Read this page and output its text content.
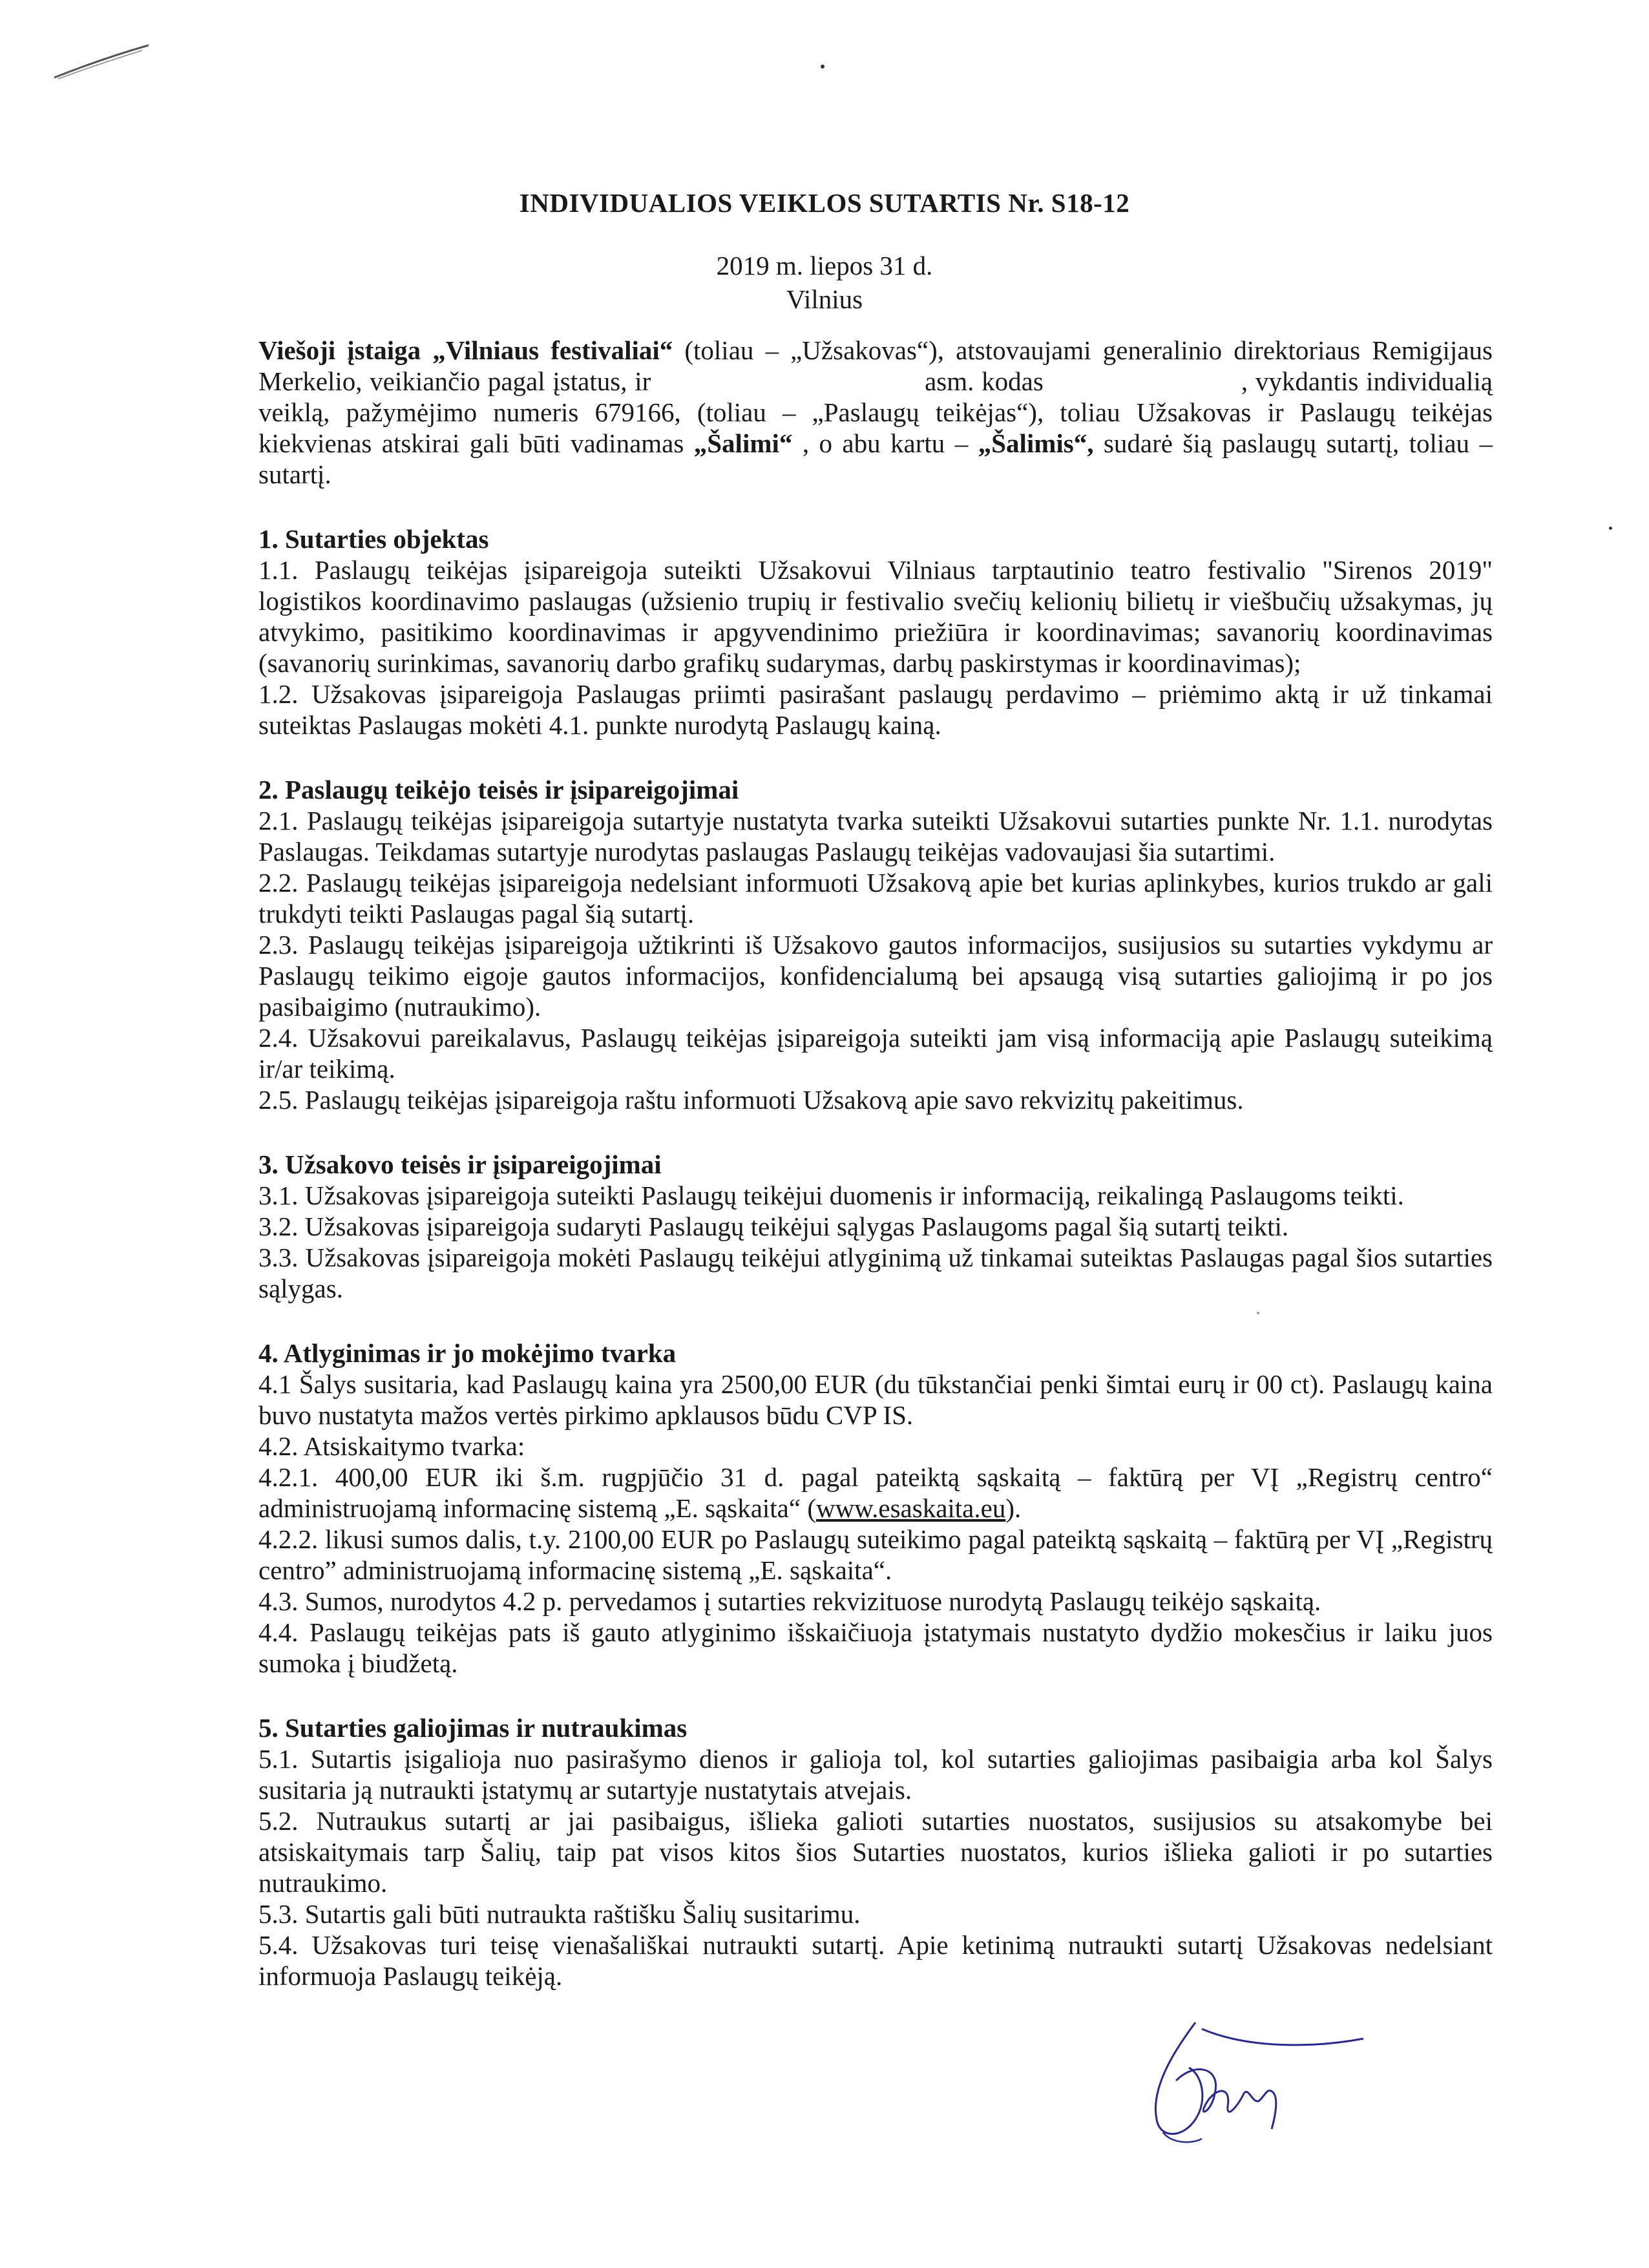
INDIVIDUALIOS VEIKLOS SUTARTIS Nr. S18-12
2019 m. liepos 31 d.
Vilnius

Viešoji įstaiga „Vilniaus festivaliai“ (toliau – „Užsakovas“), atstovaujami generalinio direktoriaus Remigijaus Merkelio, veikiančio pagal įstatus, ir                                    asm. kodas                          , vykdantis individualią veiklą, pažymėjimo numeris 679166, (toliau – „Paslaugų teikėjas“), toliau Užsakovas ir Paslaugų teikėjas kiekvienas atskirai gali būti vadinamas „Šalimi“ , o abu kartu – „Šalimis“, sudarė šią paslaugų sutartį, toliau – sutartį.

1. Sutarties objektas

1.1. Paslaugų teikėjas įsipareigoja suteikti Užsakovui Vilniaus tarptautinio teatro festivalio "Sirenos 2019" logistikos koordinavimo paslaugas (užsienio trupių ir festivalio svečių kelionių bilietų ir viešbučių užsakymas, jų atvykimo, pasitikimo koordinavimas ir apgyvendinimo priežiūra ir koordinavimas; savanorių koordinavimas (savanorių surinkimas, savanorių darbo grafikų sudarymas, darbų paskirstymas ir koordinavimas);

1.2. Užsakovas įsipareigoja Paslaugas priimti pasirašant paslaugų perdavimo – priėmimo aktą ir už tinkamai suteiktas Paslaugas mokėti 4.1. punkte nurodytą Paslaugų kainą.

2. Paslaugų teikėjo teisės ir įsipareigojimai

2.1. Paslaugų teikėjas įsipareigoja sutartyje nustatyta tvarka suteikti Užsakovui sutarties punkte Nr. 1.1. nurodytas Paslaugas. Teikdamas sutartyje nurodytas paslaugas Paslaugų teikėjas vadovaujasi šia sutartimi.

2.2. Paslaugų teikėjas įsipareigoja nedelsiant informuoti Užsakovą apie bet kurias aplinkybes, kurios trukdo ar gali trukdyti teikti Paslaugas pagal šią sutartį.

2.3. Paslaugų teikėjas įsipareigoja užtikrinti iš Užsakovo gautos informacijos, susijusios su sutarties vykdymu ar Paslaugų teikimo eigoje gautos informacijos, konfidencialumą bei apsaugą visą sutarties galiojimą ir po jos pasibaigimo (nutraukimo).

2.4. Užsakovui pareikalavus, Paslaugų teikėjas įsipareigoja suteikti jam visą informaciją apie Paslaugų suteikimą ir/ar teikimą.

2.5. Paslaugų teikėjas įsipareigoja raštu informuoti Užsakovą apie savo rekvizitų pakeitimus.

3. Užsakovo teisės ir įsipareigojimai

3.1. Užsakovas įsipareigoja suteikti Paslaugų teikėjui duomenis ir informaciją, reikalingą Paslaugoms teikti.

3.2. Užsakovas įsipareigoja sudaryti Paslaugų teikėjui sąlygas Paslaugoms pagal šią sutartį teikti.

3.3. Užsakovas įsipareigoja mokėti Paslaugų teikėjui atlyginimą už tinkamai suteiktas Paslaugas pagal šios sutarties sąlygas.

4. Atlyginimas ir jo mokėjimo tvarka

4.1 Šalys susitaria, kad Paslaugų kaina yra 2500,00 EUR (du tūkstančiai penki šimtai eurų ir 00 ct). Paslaugų kaina buvo nustatyta mažos vertės pirkimo apklausos būdu CVP IS.

4.2. Atsiskaitymo tvarka:

4.2.1. 400,00 EUR iki š.m. rugpjūčio 31 d. pagal pateiktą sąskaitą – faktūrą per VĮ „Registrų centro“ administruojamą informacinę sistemą „E. sąskaita“ (www.esaskaita.eu).

4.2.2. likusi sumos dalis, t.y. 2100,00 EUR po Paslaugų suteikimo pagal pateiktą sąskaitą – faktūrą per VĮ „Registrų centro” administruojamą informacinę sistemą „E. sąskaita“.

4.3. Sumos, nurodytos 4.2 p. pervedamos į sutarties rekvizituose nurodytą Paslaugų teikėjo sąskaitą.

4.4. Paslaugų teikėjas pats iš gauto atlyginimo išskaičiuoja įstatymais nustatyto dydžio mokesčius ir laiku juos sumoka į biudžetą.

5. Sutarties galiojimas ir nutraukimas

5.1. Sutartis įsigalioja nuo pasirašymo dienos ir galioja tol, kol sutarties galiojimas pasibaigia arba kol Šalys susitaria ją nutraukti įstatymų ar sutartyje nustatytais atvejais.

5.2. Nutraukus sutartį ar jai pasibaigus, išlieka galioti sutarties nuostatos, susijusios su atsakomybe bei atsiskaitymais tarp Šalių, taip pat visos kitos šios Sutarties nuostatos, kurios išlieka galioti ir po sutarties nutraukimo.

5.3. Sutartis gali būti nutraukta raštišku Šalių susitarimu.

5.4. Užsakovas turi teisę vienašališkai nutraukti sutartį. Apie ketinimą nutraukti sutartį Užsakovas nedelsiant informuoja Paslaugų teikėją.
